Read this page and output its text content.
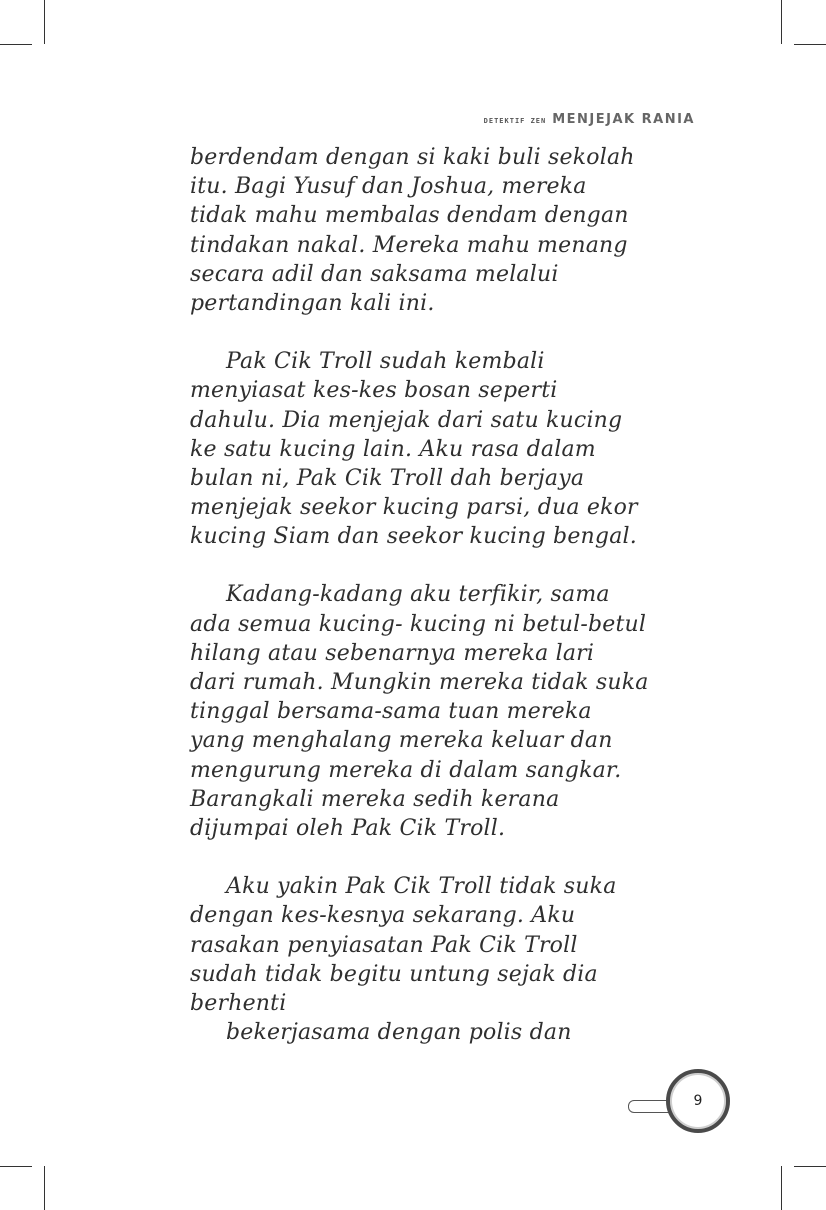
DETEKTIF ZEN MENJEJAK RANIA
berdendam dengan si kaki buli sekolah
itu. Bagi Yusuf dan Joshua, mereka
tidak mahu membalas dendam dengan
tindakan nakal. Mereka mahu menang
secara adil dan saksama melalui
pertandingan kali ini.
Pak Cik Troll sudah kembali
menyiasat kes-kes bosan seperti
dahulu. Dia menjejak dari satu kucing
ke satu kucing lain. Aku rasa dalam
bulan ni, Pak Cik Troll dah berjaya
menjejak seekor kucing parsi, dua ekor
kucing Siam dan seekor kucing bengal.
Kadang-kadang aku terfikir, sama
ada semua kucing- kucing ni betul-betul
hilang atau sebenarnya mereka lari
dari rumah. Mungkin mereka tidak suka
tinggal bersama-sama tuan mereka
yang menghalang mereka keluar dan
mengurung mereka di dalam sangkar.
Barangkali mereka sedih kerana
dijumpai oleh Pak Cik Troll.
Aku yakin Pak Cik Troll tidak suka
dengan kes-kesnya sekarang. Aku
rasakan penyiasatan Pak Cik Troll
sudah tidak begitu untung sejak dia
berhenti
bekerjasama dengan polis dan
9
